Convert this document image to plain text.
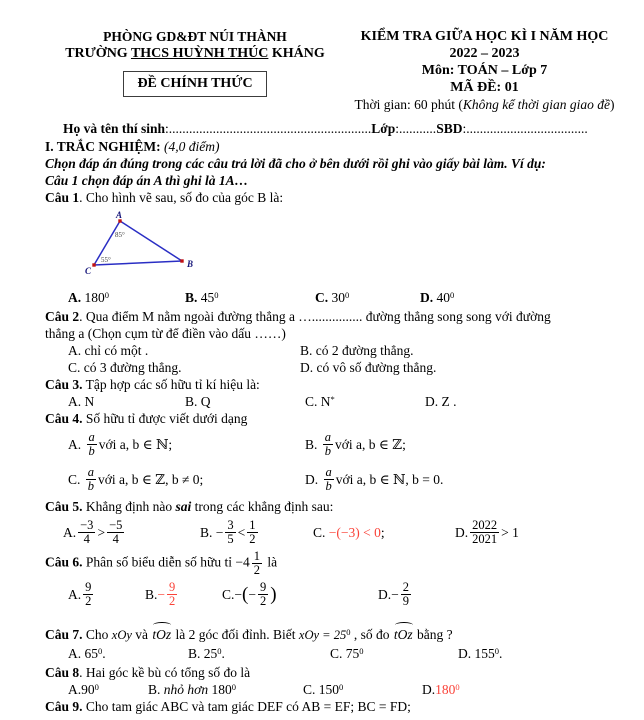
PHÒNG GD&ĐT NÚI THÀNH
TRƯỜNG THCS HUỲNH THÚC KHÁNG
ĐỀ CHÍNH THỨC
KIỂM TRA GIỮA HỌC KÌ I NĂM HỌC 2022 – 2023
Môn: TOÁN – Lớp 7
MÃ ĐỀ: 01
Thời gian: 60 phút (Không kể thời gian giao đề)
Họ và tên thí sinh:............................................................Lớp:...........SBD:....................................
I. TRẮC NGHIỆM: (4,0 điểm)
Chọn đáp án đúng trong các câu trả lời đã cho ở bên dưới rồi ghi vào giấy bài làm. Ví dụ:
Câu 1 chọn đáp án A thì ghi là 1A…
Câu 1. Cho hình vẽ sau, số đo của góc B là:
A
B
C
85°
55°
A. $180^0$	B. $45^0$	C. $30^0$	D. $40^0$
Câu 2. Qua điểm M nằm ngoài đường thẳng a …............... đường thẳng song song với đường
thẳng a (Chọn cụm từ để điền vào dấu ……)
A. chỉ có một .	B. có 2 đường thẳng.
C. có 3 đường thẳng.	D. có vô số đường thẳng.
Câu 3. Tập hợp các số hữu tỉ kí hiệu là:
A. N	B. Q	C. N*	D. Z .
Câu 4. Số hữu tỉ được viết dưới dạng
A.
$\frac{a}{b}$ với a, b ∈ ℕ;	B.
$\frac{a}{b}$ với a, b ∈ ℤ;
C.
$\frac{a}{b}$ với a, b ∈ ℤ, b ≠ 0;	D.
$\frac{a}{b}$ với a, b ∈ ℕ, b = 0.
Câu 5. Khẳng định nào sai trong các khẳng định sau:
A. $\frac{-3}{4} > \frac{-5}{4}$	B.
− $\frac{3}{5} < \frac{1}{2}$	C.
−(−3) < 0 ;	D. $\frac{2022}{2021} > 1$
Câu 6. Phân số biểu diễn số hữu tỉ $-4 \frac{1}{2}$ là
A. $\frac{9}{2}$	B. − $\frac{9}{2}$	C. − ( − $\frac{9}{2}$ )	D. − $\frac{2}{9}$
Câu 7. Cho xOy và tOz là 2 góc đối đỉnh. Biết xOy = $25^0$ , số đo tOz bằng ?
A. $65^0$.	B. $25^0$.	C. $75^0$	D. $155^0$.
Câu 8. Hai góc kề bù có tổng số đo là
$A.90^0$	B. nhỏ hơn $180^0$	C. $150^0$	D.180$^0$
Câu 9. Cho tam giác ABC và tam giác DEF có AB = EF; BC = FD;
